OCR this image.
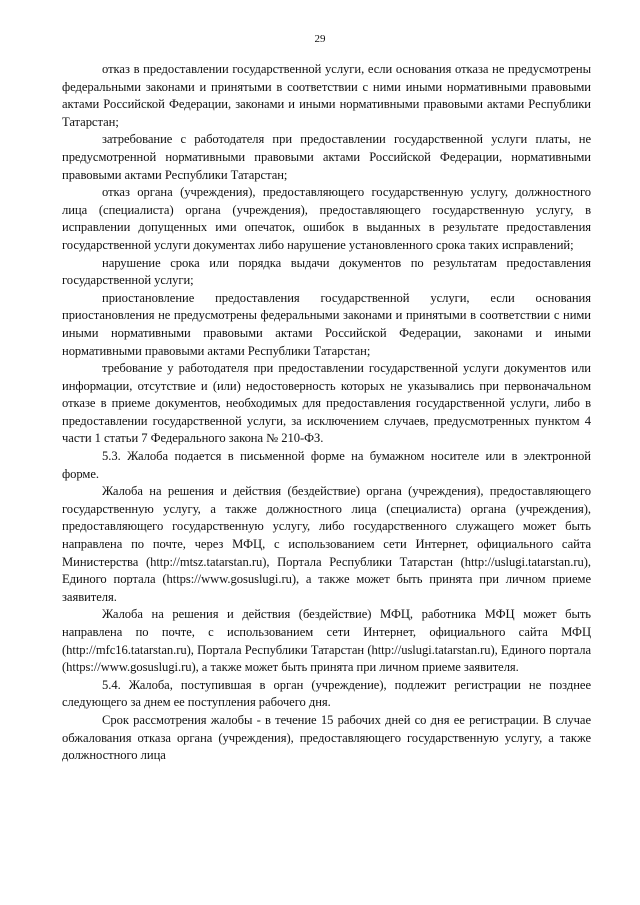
29

отказ в предоставлении государственной услуги, если основания отказа не предусмотрены федеральными законами и принятыми в соответствии с ними иными нормативными правовыми актами Российской Федерации, законами и иными нормативными правовыми актами Республики Татарстан;

затребование с работодателя при предоставлении государственной услуги платы, не предусмотренной нормативными правовыми актами Российской Федерации, нормативными правовыми актами Республики Татарстан;

отказ органа (учреждения), предоставляющего государственную услугу, должностного лица (специалиста) органа (учреждения), предоставляющего государственную услугу, в исправлении допущенных ими опечаток, ошибок в выданных в результате предоставления государственной услуги документах либо нарушение установленного срока таких исправлений;

нарушение срока или порядка выдачи документов по результатам предоставления государственной услуги;

приостановление предоставления государственной услуги, если основания приостановления не предусмотрены федеральными законами и принятыми в соответствии с ними иными нормативными правовыми актами Российской Федерации, законами и иными нормативными правовыми актами Республики Татарстан;

требование у работодателя при предоставлении государственной услуги документов или информации, отсутствие и (или) недостоверность которых не указывались при первоначальном отказе в приеме документов, необходимых для предоставления государственной услуги, либо в предоставлении государственной услуги, за исключением случаев, предусмотренных пунктом 4 части 1 статьи 7 Федерального закона № 210-ФЗ.

5.3. Жалоба подается в письменной форме на бумажном носителе или в электронной форме.

Жалоба на решения и действия (бездействие) органа (учреждения), предоставляющего государственную услугу, а также должностного лица (специалиста) органа (учреждения), предоставляющего государственную услугу, либо государственного служащего может быть направлена по почте, через МФЦ, с использованием сети Интернет, официального сайта Министерства (http://mtsz.tatarstan.ru), Портала Республики Татарстан (http://uslugi.tatarstan.ru), Единого портала (https://www.gosuslugi.ru), а также может быть принята при личном приеме заявителя.

Жалоба на решения и действия (бездействие) МФЦ, работника МФЦ может быть направлена по почте, с использованием сети Интернет, официального сайта МФЦ (http://mfc16.tatarstan.ru), Портала Республики Татарстан (http://uslugi.tatarstan.ru), Единого портала (https://www.gosuslugi.ru), а также может быть принята при личном приеме заявителя.

5.4. Жалоба, поступившая в орган (учреждение), подлежит регистрации не позднее следующего за днем ее поступления рабочего дня.

Срок рассмотрения жалобы - в течение 15 рабочих дней со дня ее регистрации. В случае обжалования отказа органа (учреждения), предоставляющего государственную услугу, а также должностного лица
